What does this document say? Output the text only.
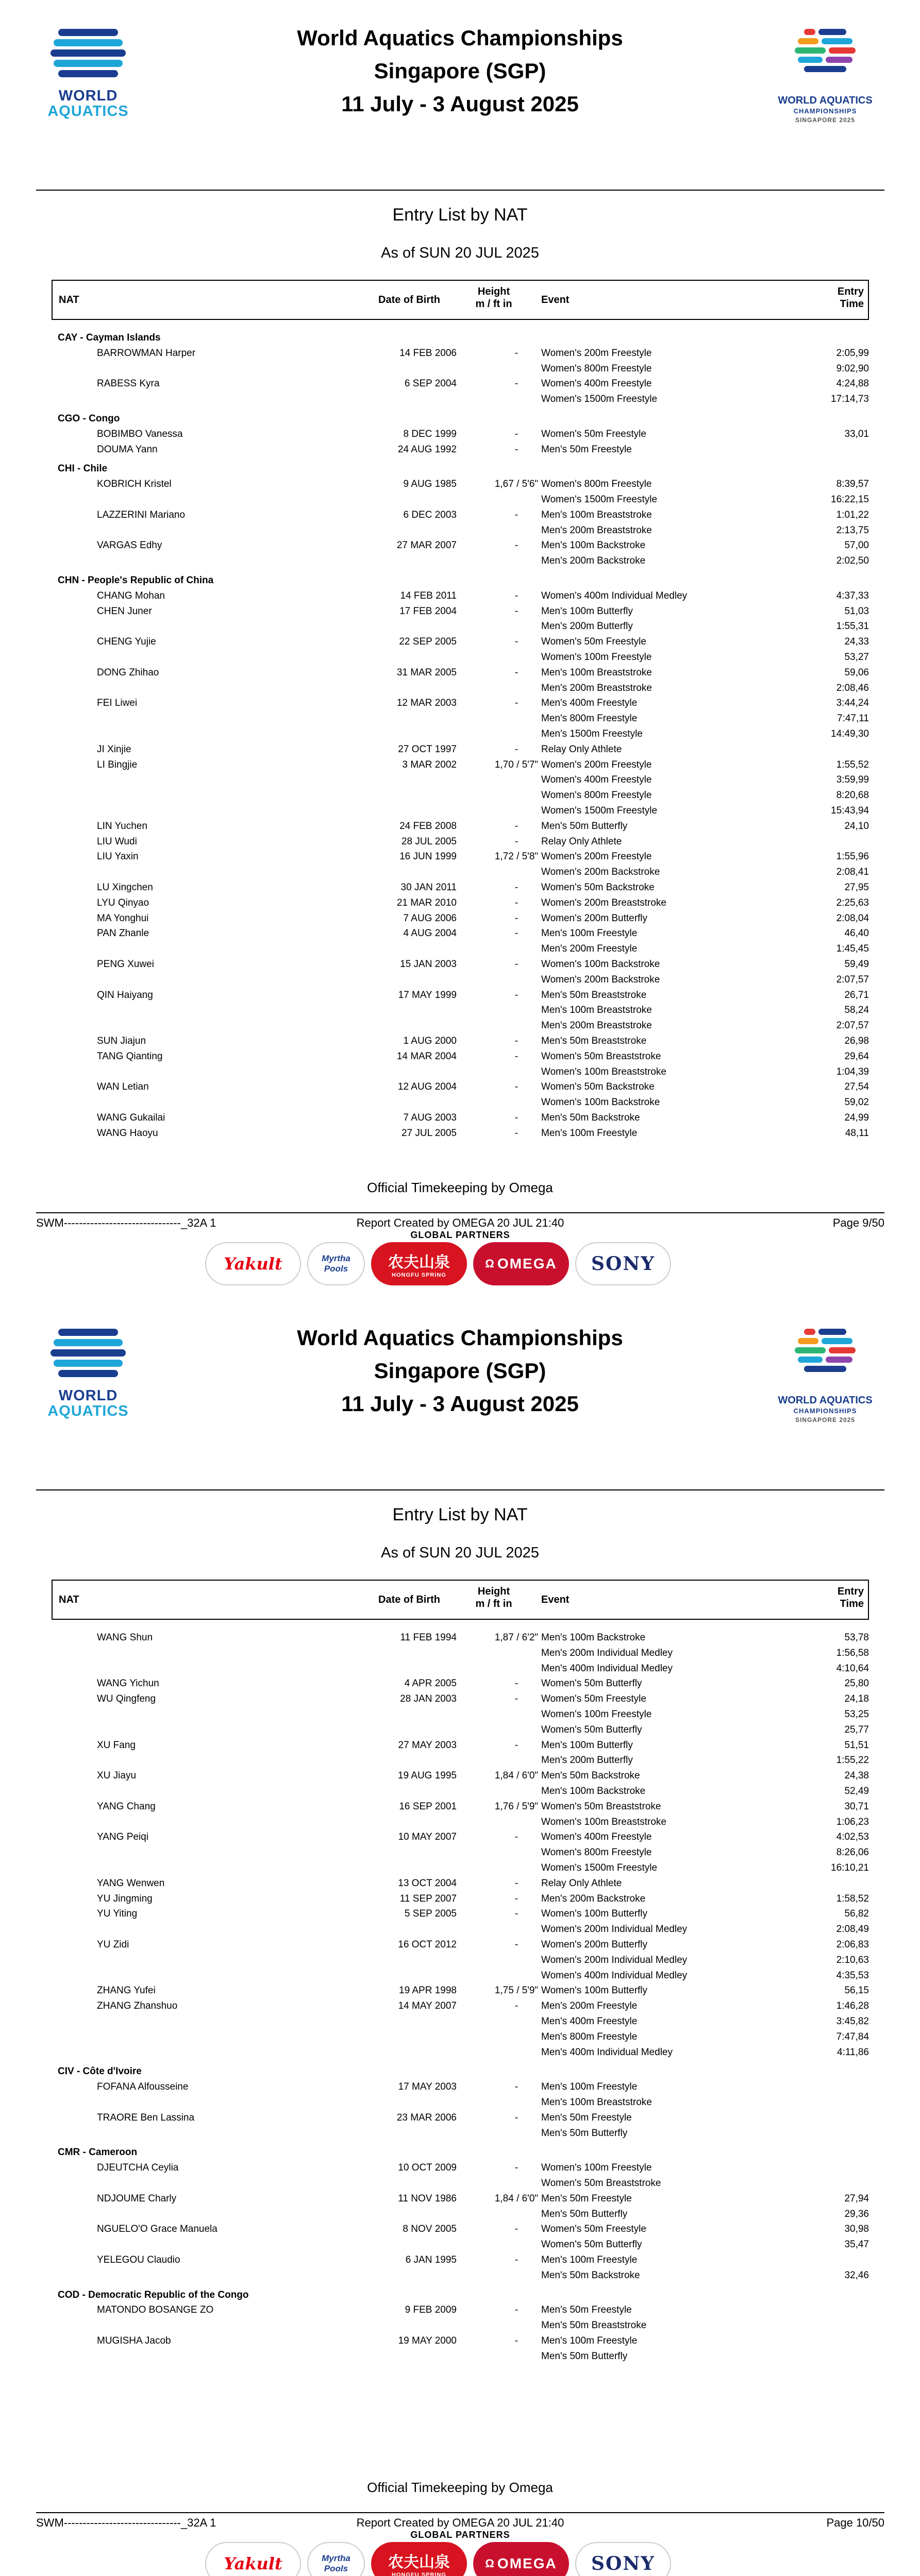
WORLD
AQUATICS
World Aquatics Championships
Singapore (SGP)
11 July - 3 August 2025	WORLD AQUATICS
CHAMPIONSHIPS
SINGAPORE 2025
Entry List by NAT
As of SUN 20 JUL 2025
NAT	Date of Birth
Height
m / ft in	Event
Entry
Time
CAY - Cayman Islands
BARROWMAN Harper	14 FEB 2006	-	Women's 200m Freestyle	2:05,99
Women's 800m Freestyle	9:02,90
RABESS Kyra	6 SEP 2004	-	Women's 400m Freestyle	4:24,88
Women's 1500m Freestyle	17:14,73
CGO - Congo
BOBIMBO Vanessa	8 DEC 1999	-	Women's 50m Freestyle	33,01
DOUMA Yann	24 AUG 1992	-	Men's 50m Freestyle
CHI - Chile
KOBRICH Kristel	9 AUG 1985	1,67 / 5'6" Women's 800m Freestyle	8:39,57
Women's 1500m Freestyle	16:22,15
LAZZERINI Mariano	6 DEC 2003	-	Men's 100m Breaststroke	1:01,22
Men's 200m Breaststroke	2:13,75
VARGAS Edhy	27 MAR 2007	-	Men's 100m Backstroke	57,00
Men's 200m Backstroke	2:02,50
CHN - People's Republic of China
CHANG Mohan	14 FEB 2011	-	Women's 400m Individual Medley	4:37,33
CHEN Juner	17 FEB 2004	-	Men's 100m Butterfly	51,03
Men's 200m Butterfly	1:55,31
CHENG Yujie	22 SEP 2005	-	Women's 50m Freestyle	24,33
Women's 100m Freestyle	53,27
DONG Zhihao	31 MAR 2005	-	Men's 100m Breaststroke	59,06
Men's 200m Breaststroke	2:08,46
FEI Liwei	12 MAR 2003	-	Men's 400m Freestyle	3:44,24
Men's 800m Freestyle	7:47,11
Men's 1500m Freestyle	14:49,30
JI Xinjie	27 OCT 1997	-	Relay Only Athlete
LI Bingjie	3 MAR 2002	1,70 / 5'7" Women's 200m Freestyle	1:55,52
Women's 400m Freestyle	3:59,99
Women's 800m Freestyle	8:20,68
Women's 1500m Freestyle	15:43,94
LIN Yuchen	24 FEB 2008	-	Men's 50m Butterfly	24,10
LIU Wudi	28 JUL 2005	-	Relay Only Athlete
LIU Yaxin	16 JUN 1999	1,72 / 5'8" Women's 200m Freestyle	1:55,96
Women's 200m Backstroke	2:08,41
LU Xingchen	30 JAN 2011	-	Women's 50m Backstroke	27,95
LYU Qinyao	21 MAR 2010	-	Women's 200m Breaststroke	2:25,63
MA Yonghui	7 AUG 2006	-	Women's 200m Butterfly	2:08,04
PAN Zhanle	4 AUG 2004	-	Men's 100m Freestyle	46,40
Men's 200m Freestyle	1:45,45
PENG Xuwei	15 JAN 2003	-	Women's 100m Backstroke	59,49
Women's 200m Backstroke	2:07,57
QIN Haiyang	17 MAY 1999	-	Men's 50m Breaststroke	26,71
Men's 100m Breaststroke	58,24
Men's 200m Breaststroke	2:07,57
SUN Jiajun	1 AUG 2000	-	Men's 50m Breaststroke	26,98
TANG Qianting	14 MAR 2004	-	Women's 50m Breaststroke	29,64
Women's 100m Breaststroke	1:04,39
WAN Letian	12 AUG 2004	-	Women's 50m Backstroke	27,54
Women's 100m Backstroke	59,02
WANG Gukailai	7 AUG 2003	-	Men's 50m Backstroke	24,99
WANG Haoyu	27 JUL 2005	-	Men's 100m Freestyle	48,11
Official Timekeeping by Omega
SWM-------------------------------_32A 1	Report Created by OMEGA 20 JUL 21:40
GLOBAL PARTNERS
Page 9/50
Yakult	Myrtha Pools	农夫山泉
HONGFU SPRING
Ω OMEGA SONY
WORLD
AQUATICS
World Aquatics Championships
Singapore (SGP)
11 July - 3 August 2025	WORLD AQUATICS
CHAMPIONSHIPS
SINGAPORE 2025
Entry List by NAT
As of SUN 20 JUL 2025
NAT	Date of Birth
Height
m / ft in	Event
Entry
Time
WANG Shun	11 FEB 1994	1,87 / 6'2" Men's 100m Backstroke	53,78
Men's 200m Individual Medley	1:56,58
Men's 400m Individual Medley	4:10,64
WANG Yichun	4 APR 2005	-	Women's 50m Butterfly	25,80
WU Qingfeng	28 JAN 2003	-	Women's 50m Freestyle	24,18
Women's 100m Freestyle	53,25
Women's 50m Butterfly	25,77
XU Fang	27 MAY 2003	-	Men's 100m Butterfly	51,51
Men's 200m Butterfly	1:55,22
XU Jiayu	19 AUG 1995	1,84 / 6'0" Men's 50m Backstroke	24,38
Men's 100m Backstroke	52,49
YANG Chang	16 SEP 2001	1,76 / 5'9" Women's 50m Breaststroke	30,71
Women's 100m Breaststroke	1:06,23
YANG Peiqi	10 MAY 2007	-	Women's 400m Freestyle	4:02,53
Women's 800m Freestyle	8:26,06
Women's 1500m Freestyle	16:10,21
YANG Wenwen	13 OCT 2004	-	Relay Only Athlete
YU Jingming	11 SEP 2007	-	Men's 200m Backstroke	1:58,52
YU Yiting	5 SEP 2005	-	Women's 100m Butterfly	56,82
Women's 200m Individual Medley	2:08,49
YU Zidi	16 OCT 2012	-	Women's 200m Butterfly	2:06,83
Women's 200m Individual Medley	2:10,63
Women's 400m Individual Medley	4:35,53
ZHANG Yufei	19 APR 1998	1,75 / 5'9" Women's 100m Butterfly	56,15
ZHANG Zhanshuo	14 MAY 2007	-	Men's 200m Freestyle	1:46,28
Men's 400m Freestyle	3:45,82
Men's 800m Freestyle	7:47,84
Men's 400m Individual Medley	4:11,86
CIV - Côte d'Ivoire
FOFANA Alfousseine	17 MAY 2003	-	Men's 100m Freestyle
Men's 100m Breaststroke
TRAORE Ben Lassina	23 MAR 2006	-	Men's 50m Freestyle
Men's 50m Butterfly
CMR - Cameroon
DJEUTCHA Ceylia	10 OCT 2009	-	Women's 100m Freestyle
Women's 50m Breaststroke
NDJOUME Charly	11 NOV 1986	1,84 / 6'0" Men's 50m Freestyle	27,94
Men's 50m Butterfly	29,36
NGUELO'O Grace Manuela	8 NOV 2005	-	Women's 50m Freestyle	30,98
Women's 50m Butterfly	35,47
YELEGOU Claudio	6 JAN 1995	-	Men's 100m Freestyle
Men's 50m Backstroke	32,46
COD - Democratic Republic of the Congo
MATONDO BOSANGE ZO	9 FEB 2009	-	Men's 50m Freestyle
Men's 50m Breaststroke
MUGISHA Jacob	19 MAY 2000	-	Men's 100m Freestyle
Men's 50m Butterfly
Official Timekeeping by Omega
SWM-------------------------------_32A 1	Report Created by OMEGA 20 JUL 21:40
GLOBAL PARTNERS
Page 10/50
Yakult	Myrtha Pools	农夫山泉
HONGFU SPRING
Ω OMEGA SONY
